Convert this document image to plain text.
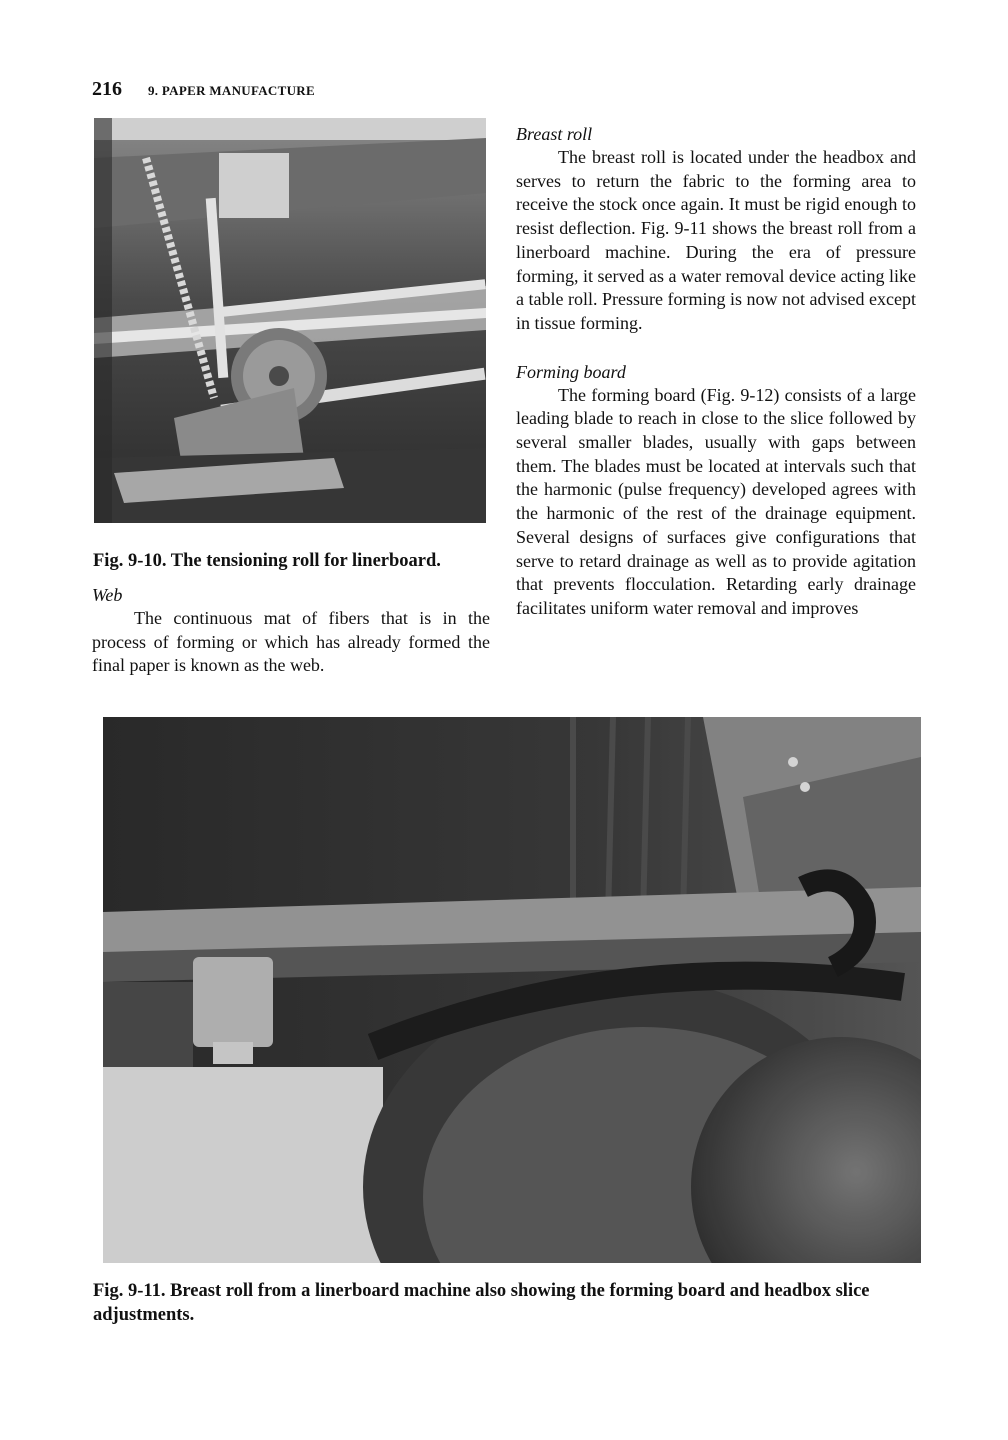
216 9. PAPER MANUFACTURE
Fig. 9-10. The tensioning roll for linerboard.

Web

The continuous mat of fibers that is in the process of forming or which has already formed the final paper is known as the web.

Breast roll

The breast roll is located under the headbox and serves to return the fabric to the forming area to receive the stock once again. It must be rigid enough to resist deflection. Fig. 9-11 shows the breast roll from a linerboard machine. During the era of pressure forming, it served as a water removal device acting like a table roll. Pressure forming is now not advised except in tissue forming.

Forming board

The forming board (Fig. 9-12) consists of a large leading blade to reach in close to the slice followed by several smaller blades, usually with gaps between them. The blades must be located at intervals such that the harmonic (pulse frequency) developed agrees with the harmonic of the rest of the drainage equipment. Several designs of surfaces give configurations that serve to retard drainage as well as to provide agitation that prevents flocculation. Retarding early drainage facilitates uniform water removal and improves

Fig. 9-11. Breast roll from a linerboard machine also showing the forming board and headbox slice adjustments.
